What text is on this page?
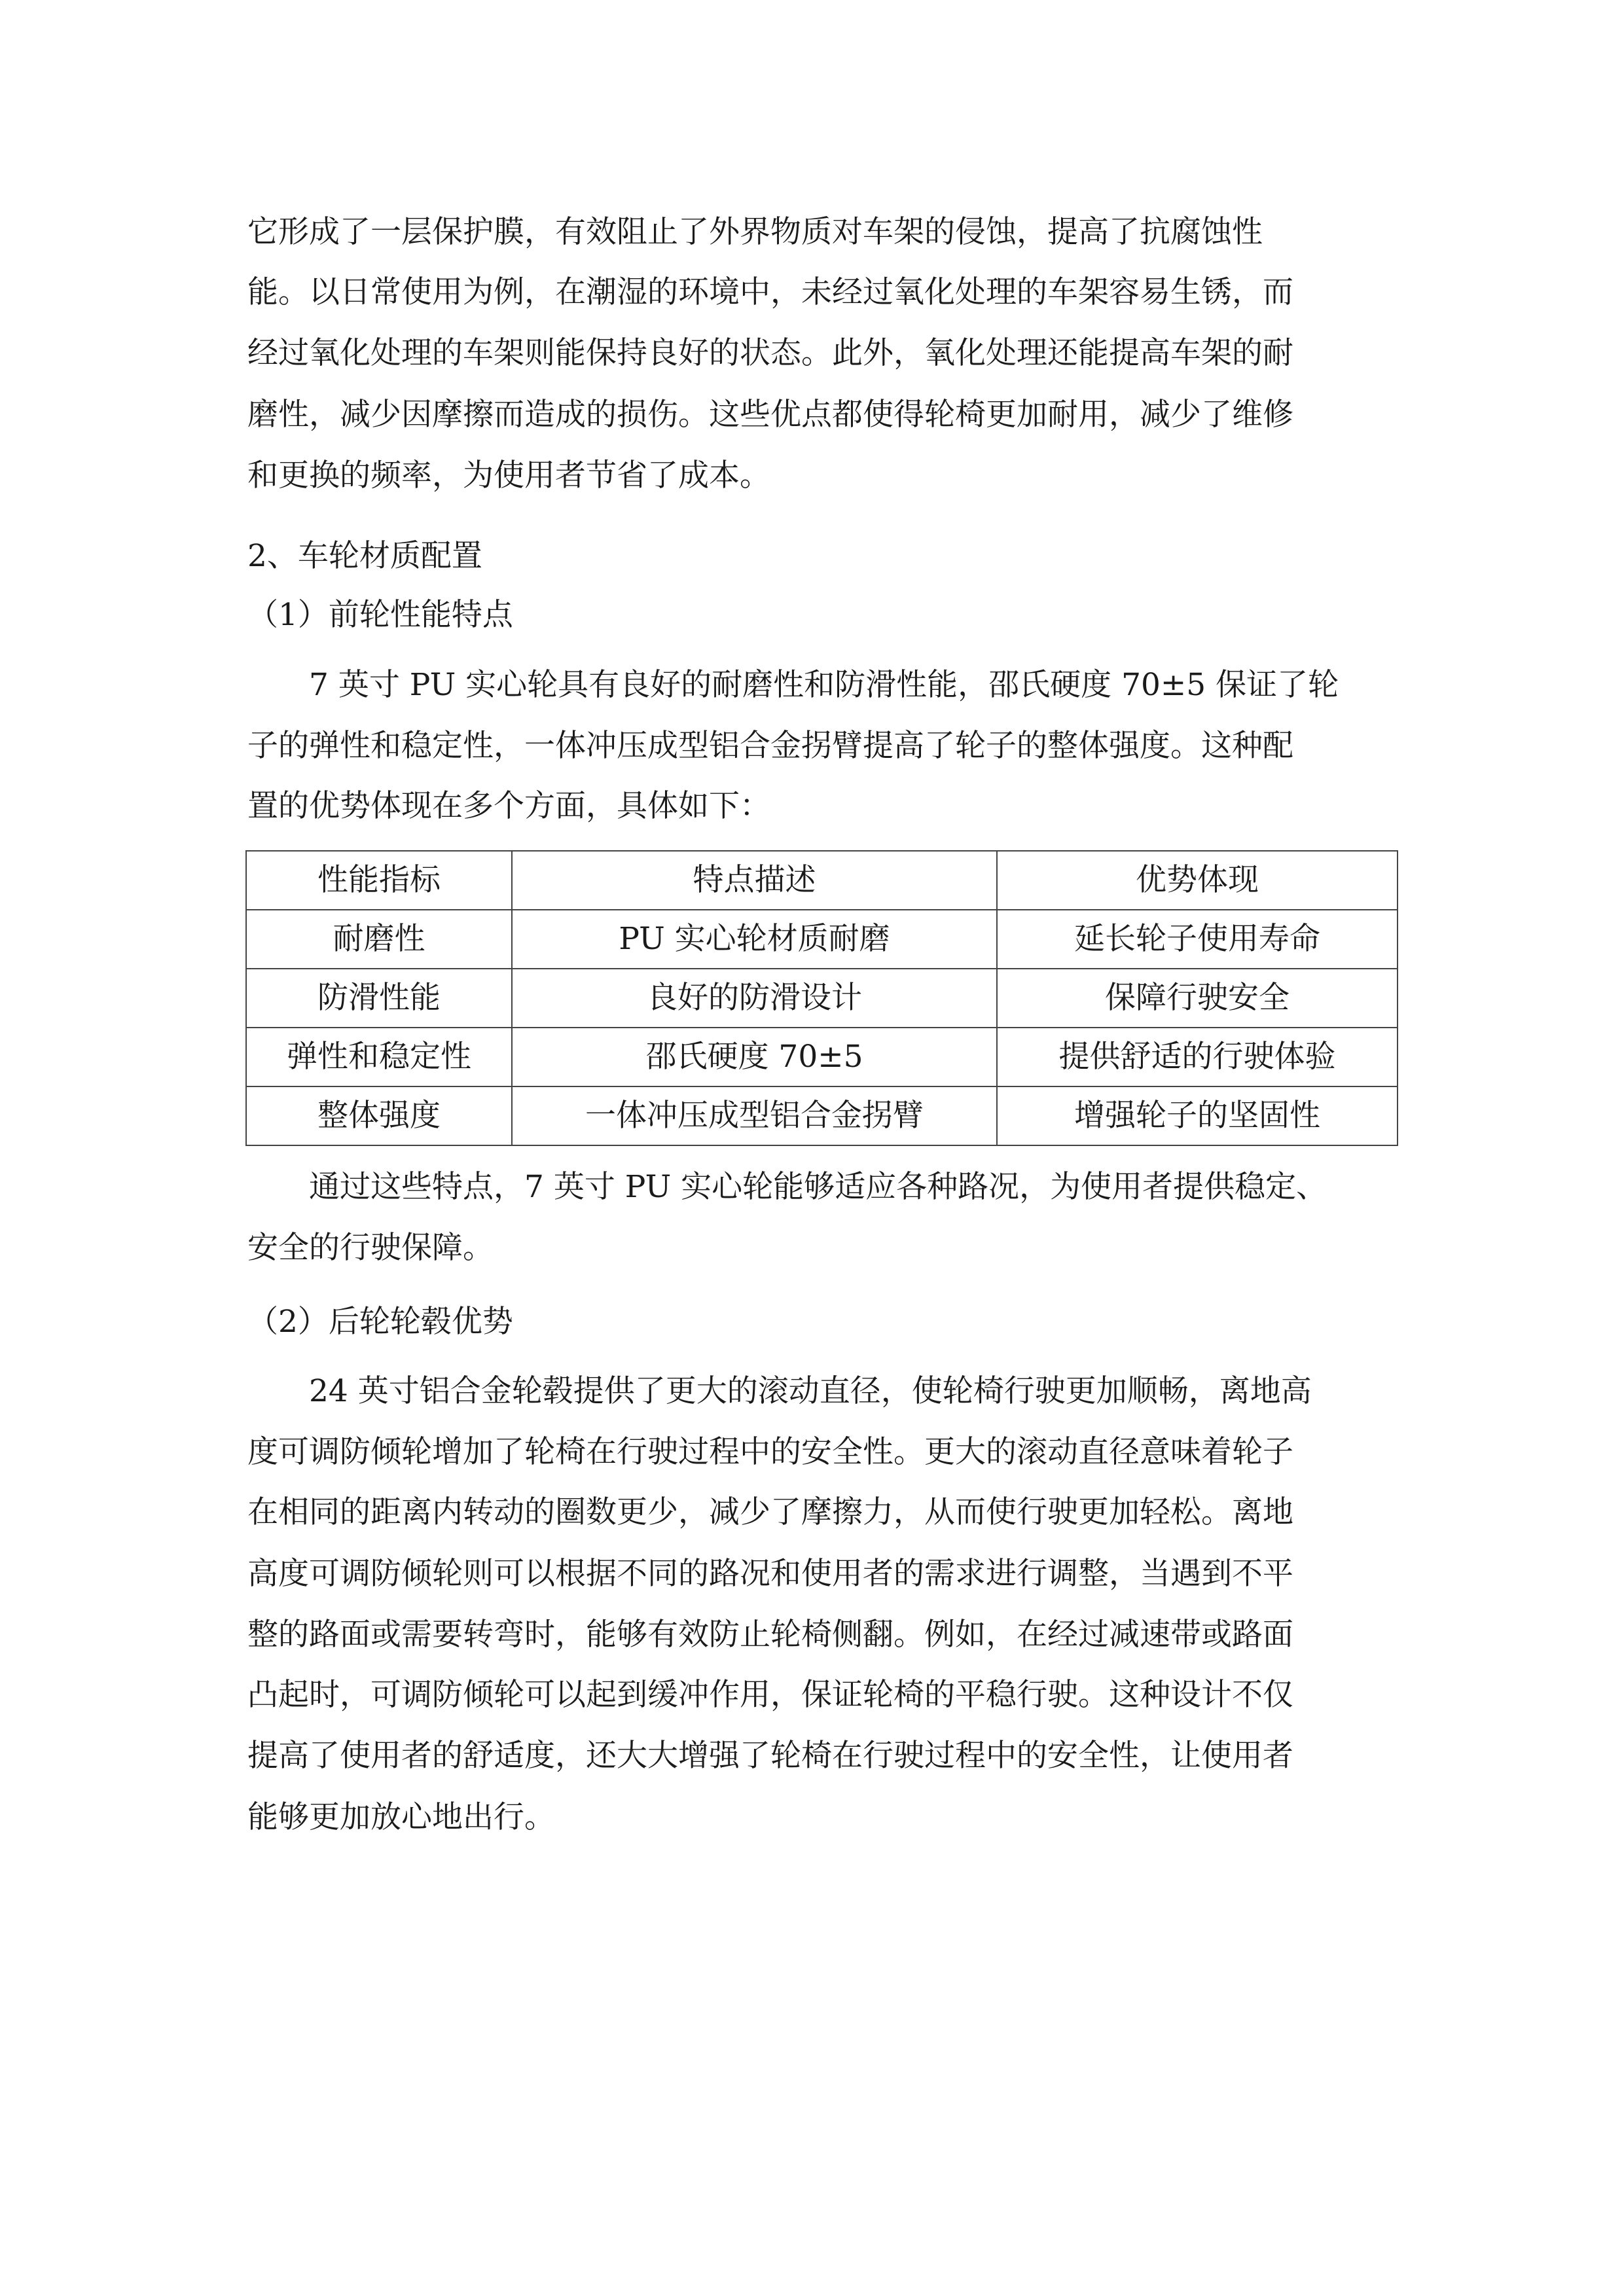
它形成了一层保护膜，有效阻止了外界物质对车架的侵蚀，提高了抗腐蚀性

能。以日常使用为例，在潮湿的环境中，未经过氧化处理的车架容易生锈，而

经过氧化处理的车架则能保持良好的状态。此外，氧化处理还能提高车架的耐

磨性，减少因摩擦而造成的损伤。这些优点都使得轮椅更加耐用，减少了维修

和更换的频率，为使用者节省了成本。

2、车轮材质配置

（1）前轮性能特点

7 英寸 PU 实心轮具有良好的耐磨性和防滑性能，邵氏硬度 70±5 保证了轮

子的弹性和稳定性，一体冲压成型铝合金拐臂提高了轮子的整体强度。这种配

置的优势体现在多个方面，具体如下：

性能指标	特点描述	优势体现
耐磨性	PU 实心轮材质耐磨	延长轮子使用寿命
防滑性能	良好的防滑设计	保障行驶安全
弹性和稳定性	邵氏硬度 70±5	提供舒适的行驶体验
整体强度	一体冲压成型铝合金拐臂	增强轮子的坚固性

通过这些特点，7 英寸 PU 实心轮能够适应各种路况，为使用者提供稳定、

安全的行驶保障。

（2）后轮轮毂优势

24 英寸铝合金轮毂提供了更大的滚动直径，使轮椅行驶更加顺畅，离地高

度可调防倾轮增加了轮椅在行驶过程中的安全性。更大的滚动直径意味着轮子

在相同的距离内转动的圈数更少，减少了摩擦力，从而使行驶更加轻松。离地

高度可调防倾轮则可以根据不同的路况和使用者的需求进行调整，当遇到不平

整的路面或需要转弯时，能够有效防止轮椅侧翻。例如，在经过减速带或路面

凸起时，可调防倾轮可以起到缓冲作用，保证轮椅的平稳行驶。这种设计不仅

提高了使用者的舒适度，还大大增强了轮椅在行驶过程中的安全性，让使用者

能够更加放心地出行。
